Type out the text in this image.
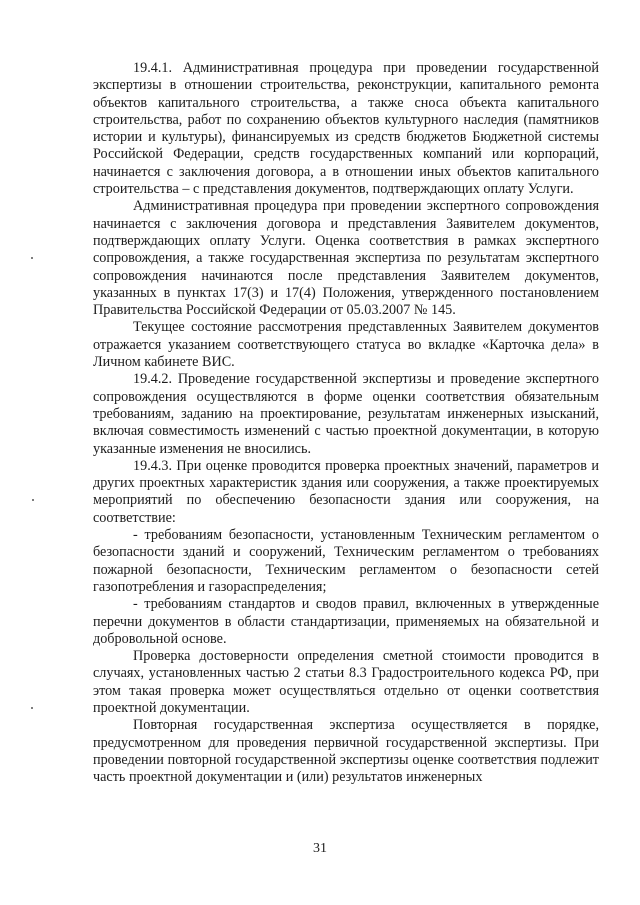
19.4.1. Административная процедура при проведении государственной экспертизы в отношении строительства, реконструкции, капитального ремонта объектов капитального строительства, а также сноса объекта капитального строительства, работ по сохранению объектов культурного наследия (памятников истории и культуры), финансируемых из средств бюджетов Бюджетной системы Российской Федерации, средств государственных компаний или корпораций, начинается с заключения договора, а в отношении иных объектов капитального строительства – с представления документов, подтверждающих оплату Услуги.

Административная процедура при проведении экспертного сопровождения начинается с заключения договора и представления Заявителем документов, подтверждающих оплату Услуги. Оценка соответствия в рамках экспертного сопровождения, а также государственная экспертиза по результатам экспертного сопровождения начинаются после представления Заявителем документов, указанных в пунктах 17(3) и 17(4) Положения, утвержденного постановлением Правительства Российской Федерации от 05.03.2007 № 145.

Текущее состояние рассмотрения представленных Заявителем документов отражается указанием соответствующего статуса во вкладке «Карточка дела» в Личном кабинете ВИС.

19.4.2. Проведение государственной экспертизы и проведение экспертного сопровождения осуществляются в форме оценки соответствия обязательным требованиям, заданию на проектирование, результатам инженерных изысканий, включая совместимость изменений с частью проектной документации, в которую указанные изменения не вносились.

19.4.3. При оценке проводится проверка проектных значений, параметров и других проектных характеристик здания или сооружения, а также проектируемых мероприятий по обеспечению безопасности здания или сооружения, на соответствие:

- требованиям безопасности, установленным Техническим регламентом о безопасности зданий и сооружений, Техническим регламентом о требованиях пожарной безопасности, Техническим регламентом о безопасности сетей газопотребления и газораспределения;

- требованиям стандартов и сводов правил, включенных в утвержденные перечни документов в области стандартизации, применяемых на обязательной и добровольной основе.

Проверка достоверности определения сметной стоимости проводится в случаях, установленных частью 2 статьи 8.3 Градостроительного кодекса РФ, при этом такая проверка может осуществляться отдельно от оценки соответствия проектной документации.

Повторная государственная экспертиза осуществляется в порядке, предусмотренном для проведения первичной государственной экспертизы. При проведении повторной государственной экспертизы оценке соответствия подлежит часть проектной документации и (или) результатов инженерных

31
